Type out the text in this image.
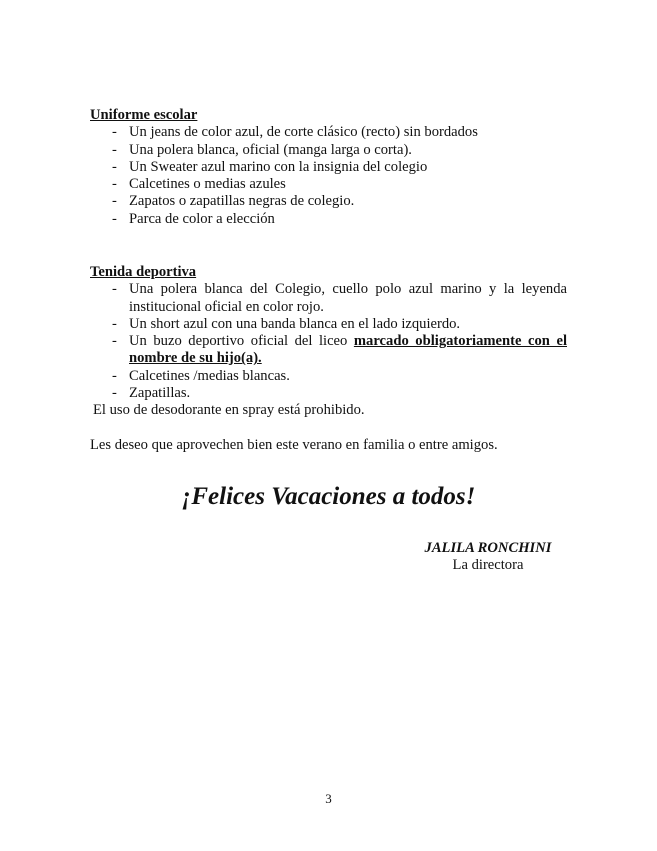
Uniforme escolar

- Un jeans de color azul, de corte clásico (recto) sin bordados
- Una polera blanca, oficial (manga larga o corta).
- Un Sweater azul marino con la insignia del colegio
- Calcetines o medias azules
- Zapatos o zapatillas negras de colegio.
- Parca de color a elección

Tenida deportiva

- Una polera blanca del Colegio, cuello polo azul marino y la leyenda institucional oficial en color rojo.
- Un short azul con una banda blanca en el lado izquierdo.
- Un buzo deportivo oficial del liceo marcado obligatoriamente con el nombre de su hijo(a).
- Calcetines /medias blancas.
- Zapatillas.
El uso de desodorante en spray está prohibido.
Les deseo que aprovechen bien este verano en familia o entre amigos.
¡Felices Vacaciones a todos!
JALILA RONCHINI
La directora
3
